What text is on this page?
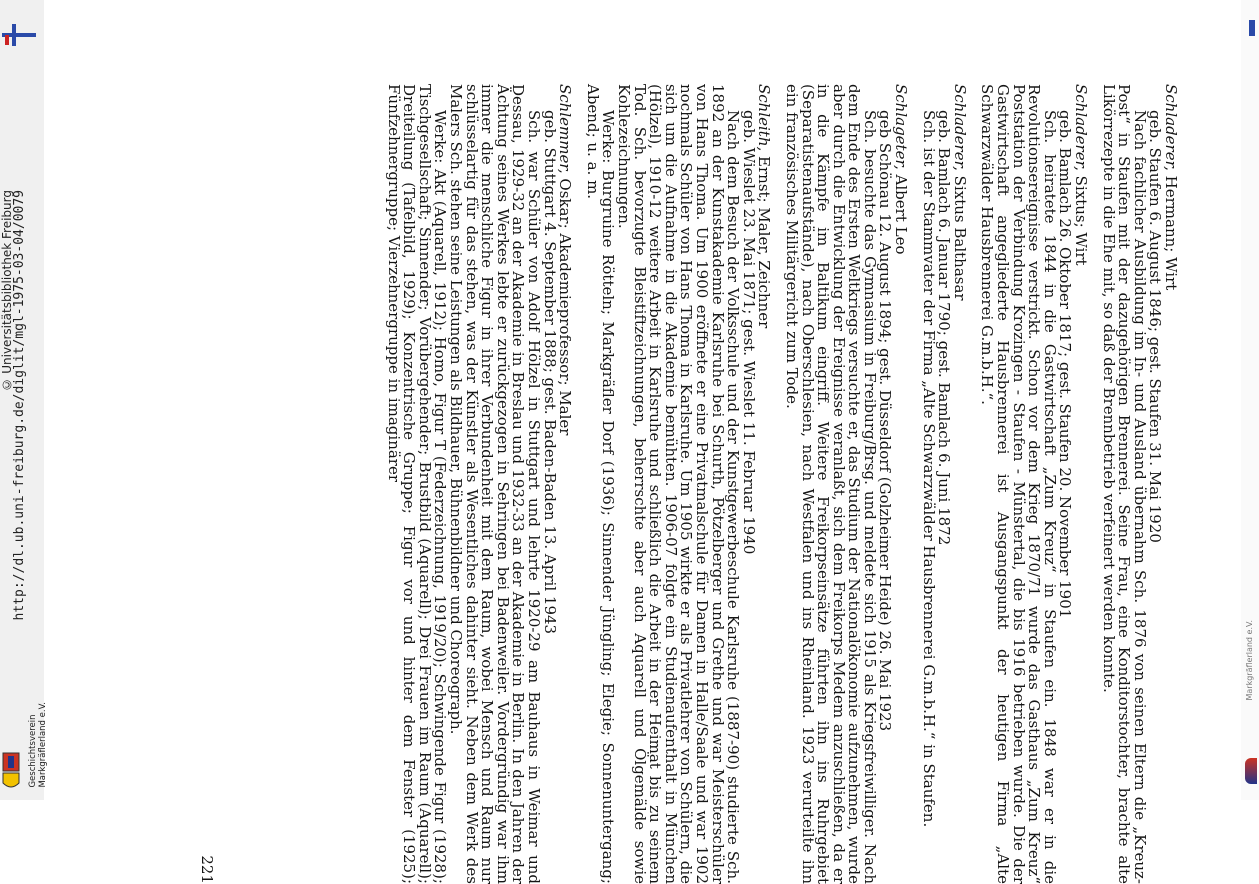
http://dl.ub.uni-freiburg.de/diglit/mgl-1975-03-04/0079
© Universitätsbibliothek Freiburg
Geschichtsverein Markgräflerland e.V.
Markgräflerland e.V.

Schladerer, Hermann; Wirt

geb. Staufen 6. August 1846; gest. Staufen 31. Mai 1920

Nach fachlicher Ausbildung im In- und Ausland übernahm Sch. 1876 von seinen Eltern die „Kreuz-Post“ in Staufen mit der dazugehörigen Brennerei. Seine Frau, eine Konditorstochter, brachte alte Likörrezepte in die Ehe mit, so daß der Brennbetrieb verfeinert werden konnte.

Schladerer, Sixtus; Wirt

geb. Bamlach 26. Oktober 1817; gest. Staufen 20. November 1901

Sch. heiratete 1844 in die Gastwirtschaft „Zum Kreuz“ in Staufen ein. 1848 war er in die Revolutionsereignisse verstrickt. Schon vor dem Krieg 1870/71 wurde das Gasthaus „Zum Kreuz“ Poststation der Verbindung Krozingen - Staufen - Münstertal, die bis 1916 betrieben wurde. Die der Gastwirtschaft angegliederte Hausbrennerei ist Ausgangspunkt der heutigen Firma „Alte Schwarzwälder Hausbrennerei G.m.b.H.“.

Schladerer, Sixtus Balthasar

geb. Bamlach 6. Januar 1790; gest. Bamlach 6. Juni 1872

Sch. ist der Stammvater der Firma „Alte Schwarzwälder Hausbrennerei G.m.b.H.“ in Staufen.

Schlageter, Albert Leo

geb Schönau 12. August 1894; gest. Düsseldorf (Golzheimer Heide) 26. Mai 1923

Sch. besuchte das Gymnasium in Freiburg/Brsg. und meldete sich 1915 als Kriegsfreiwilliger. Nach dem Ende des Ersten Weltkriegs versuchte er, das Studium der Nationalökonomie aufzunehmen, wurde aber durch die Entwicklung der Ereignisse veranlaßt, sich dem Freikorps Medem anzuschließen, da er in die Kämpfe im Baltikum eingriff. Weitere Freikorpseinsätze führten ihn ins Ruhrgebiet (Separatistenaufstände), nach Oberschlesien, nach Westfalen und ins Rheinland. 1923 verurteilte ihn ein französisches Militärgericht zum Tode.

Schleith, Ernst; Maler, Zeichner

geb. Wieslet 23. Mai 1871; gest. Wieslet 11. Februar 1940

Nach dem Besuch der Volksschule und der Kunstgewerbeschule Karlsruhe (1887-90) studierte Sch. 1892 an der Kunstakademie Karlsruhe bei Schurth, Pötzelberger und Grethe und war Meisterschüler von Hans Thoma. Um 1900 eröffnete er eine Privatmalschule für Damen in Halle/Saale und war 1902 nochmals Schüler von Hans Thoma in Karlsruhe. Um 1905 wirkte er als Privatlehrer von Schülern, die sich um die Aufnahme in die Akademie bemühten. 1906-07 folgte ein Studienaufenthalt in München (Hölzel), 1910-12 weitere Arbeit in Karlsruhe und schließlich die Arbeit in der Heimat bis zu seinem Tod. Sch. bevorzugte Bleistiftzeichnungen, beherrschte aber auch Aquarell und Ölgemälde sowie Kohlezeichnungen.

Werke: Burgruine Rötteln; Markgräfler Dorf (1936); Sinnender Jüngling; Elegie; Sonnenuntergang; Abend; u. a. m.

Schlemmer, Oskar; Akademieprofessor; Maler

geb. Stuttgart 4. September 1888; gest. Baden-Baden 13. April 1943

Sch. war Schüler von Adolf Hölzel in Stuttgart und lehrte 1920-29 am Bauhaus in Weimar und Dessau, 1929-32 an der Akademie in Breslau und 1932-33 an der Akademie in Berlin. In den Jahren der Ächtung seines Werkes lebte er zurückgezogen in Sehringen bei Badenweiler. Vordergründig war ihm immer die menschliche Figur in ihrer Verbundenheit mit dem Raum, wobei Mensch und Raum nur schlüsselartig für das stehen, was der Künstler als Wesentliches dahinter sieht. Neben dem Werk des Malers Sch. stehen seine Leistungen als Bildhauer, Bühnenbildner und Choreograph.

Werke: Akt (Aquarell, 1912); Homo, Figur T (Federzeichnung, 1919/20); Schwingende Figur (1928); Tischgesellschaft; Sinnender; Vorübergehender; Brustbild (Aquarell); Drei Frauen im Raum (Aquarell); Dreiteilung (Tafelbild, 1929); Konzentrische Gruppe; Figur vor und hinter dem Fenster (1925); Fünfzehnergruppe; Vierzehnergruppe in imaginärer

221
